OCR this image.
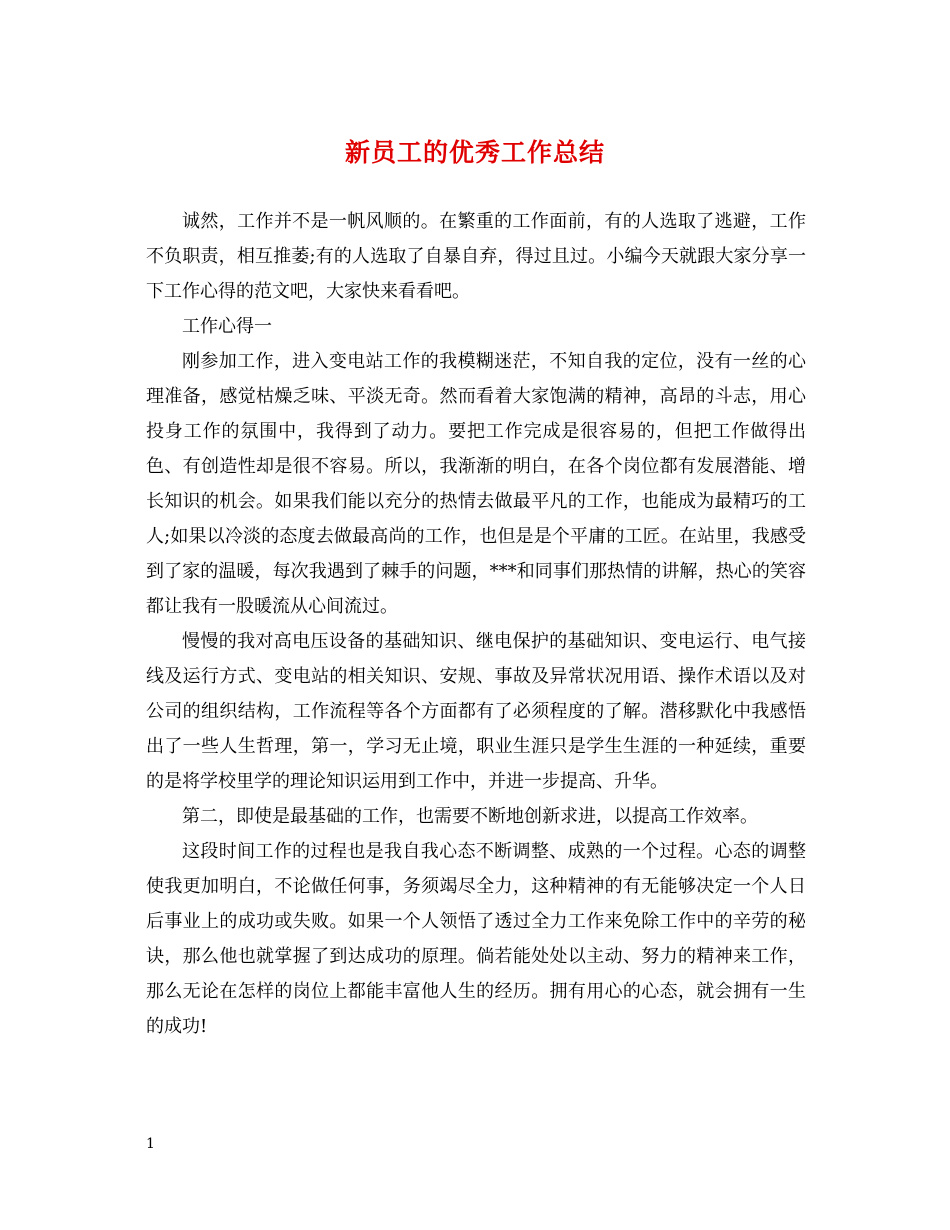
新员工的优秀工作总结

诚然，工作并不是一帆风顺的。在繁重的工作面前，有的人选取了逃避，工作不负职责，相互推萎;有的人选取了自暴自弃，得过且过。小编今天就跟大家分享一下工作心得的范文吧，大家快来看看吧。

工作心得一

刚参加工作，进入变电站工作的我模糊迷茫，不知自我的定位，没有一丝的心理准备，感觉枯燥乏味、平淡无奇。然而看着大家饱满的精神，高昂的斗志，用心投身工作的氛围中，我得到了动力。要把工作完成是很容易的，但把工作做得出色、有创造性却是很不容易。所以，我渐渐的明白，在各个岗位都有发展潜能、增长知识的机会。如果我们能以充分的热情去做最平凡的工作，也能成为最精巧的工人;如果以冷淡的态度去做最高尚的工作，也但是是个平庸的工匠。在站里，我感受到了家的温暖，每次我遇到了棘手的问题，***和同事们那热情的讲解，热心的笑容都让我有一股暖流从心间流过。

慢慢的我对高电压设备的基础知识、继电保护的基础知识、变电运行、电气接线及运行方式、变电站的相关知识、安规、事故及异常状况用语、操作术语以及对公司的组织结构，工作流程等各个方面都有了必须程度的了解。潜移默化中我感悟出了一些人生哲理，第一，学习无止境，职业生涯只是学生生涯的一种延续，重要的是将学校里学的理论知识运用到工作中，并进一步提高、升华。

第二，即使是最基础的工作，也需要不断地创新求进，以提高工作效率。

这段时间工作的过程也是我自我心态不断调整、成熟的一个过程。心态的调整使我更加明白，不论做任何事，务须竭尽全力，这种精神的有无能够决定一个人日后事业上的成功或失败。如果一个人领悟了透过全力工作来免除工作中的辛劳的秘诀，那么他也就掌握了到达成功的原理。倘若能处处以主动、努力的精神来工作，那么无论在怎样的岗位上都能丰富他人生的经历。拥有用心的心态，就会拥有一生的成功!

1
